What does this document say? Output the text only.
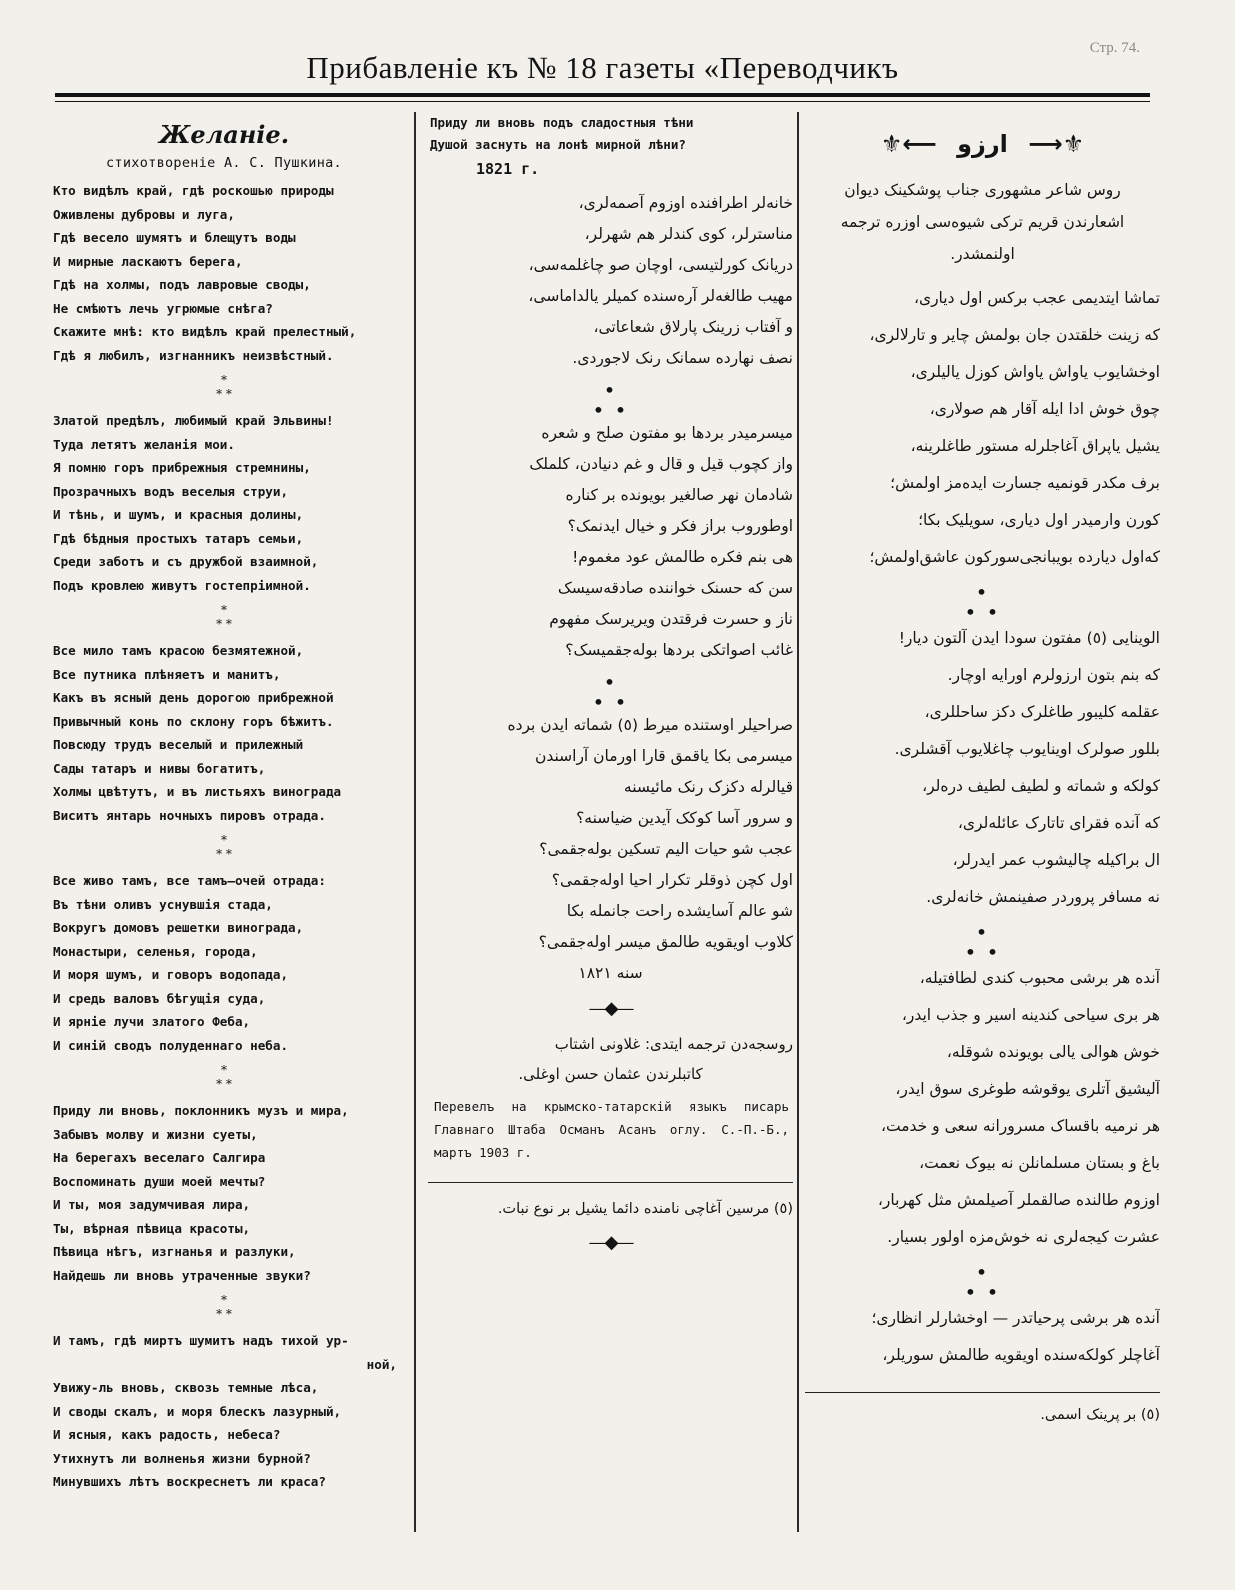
Прибавленіе къ № 18 газеты «Переводчикъ
Стр. 74.
Желаніе.
стихотвореніе А. С. Пушкина.
Кто видѣлъ край, гдѣ роскошью природы
Оживлены дубровы и луга,
Гдѣ весело шумятъ и блещутъ воды
И мирные ласкаютъ берега,
Гдѣ на холмы, подъ лавровые своды,
Не смѣютъ лечь угрюмые снѣга?
Скажите мнѣ: кто видѣлъ край прелестный,
Гдѣ я любилъ, изгнанникъ неизвѣстный.
*
* *
Златой предѣлъ, любимый край Эльвины!
Туда летятъ желанія мои.
Я помню горъ прибрежныя стремнины,
Прозрачныхъ водъ веселыя струи,
И тѣнь, и шумъ, и красныя долины,
Гдѣ бѣдныя простыхъ татаръ семьи,
Среди заботъ и съ дружбой взаимной,
Подъ кровлею живутъ гостепріимной.
*
* *
Все мило тамъ красою безмятежной,
Все путника плѣняетъ и манитъ,
Какъ въ ясный день дорогою прибрежной
Привычный конь по склону горъ бѣжитъ.
Повсюду трудъ веселый и прилежный
Сады татаръ и нивы богатитъ,
Холмы цвѣтутъ, и въ листьяхъ винограда
Виситъ янтарь ночныхъ пировъ отрада.
*
* *
Все живо тамъ, все тамъ—очей отрада:
Въ тѣни оливъ уснувшія стада,
Вокругъ домовъ решетки винограда,
Монастыри, селенья, города,
И моря шумъ, и говоръ водопада,
И средь валовъ бѣгущія суда,
И ярніе лучи златого Феба,
И синій сводъ полуденнаго неба.
*
* *
Приду ли вновь, поклонникъ музъ и мира,
Забывъ молву и жизни суеты,
На берегахъ веселаго Салгира
Воспоминать души моей мечты?
И ты, моя задумчивая лира,
Ты, вѣрная пѣвица красоты,
Пѣвица нѣгъ, изгнанья и разлуки,
Найдешь ли вновь утраченные звуки?
*
* *
И тамъ, гдѣ миртъ шумитъ надъ тихой ур-
ной,
Увижу-ль вновь, сквозь темные лѣса,
И своды скалъ, и моря блескъ лазурный,
И ясныя, какъ радость, небеса?
Утихнутъ ли волненья жизни бурной?
Минувшихъ лѣтъ воскреснетъ ли краса?
Приду ли вновь подъ сладостныя тѣни
Душой заснуть на лонѣ мирной лѣни?
1821 г.
خانه‌لر اطرافنده اوزوم آصمه‌لری،
مناسترلر، کوی کندلر هم شهرلر،
دریانک کورلتیسی، اوچان صو چاغلمه‌سی،
مهیب طالغه‌لر آره‌سنده کمیلر یالداماسی،
و آفتاب زرینک پارلاق شعاعاتی،
نصف نهارده سمانک رنک لاجوردی.
•
• •
میسرمیدر بردها بو مفتون صلح و شعره
واز کچوب قیل و قال و غم دنیادن، کلملک
شادمان نهر صالغیر بویونده بر کناره
اوطوروب براز فکر و خیال ایدنمک؟
هی بنم فکره طالمش عود مغموم!
سن که حسنک خواننده صادقه‌سیسک
ناز و حسرت فرقتدن ویریرسک مفهوم
غائب اصواتکی بردها بوله‌جقمیسک؟
•
• •
صراحیلر اوستنده میرط (٥) شماته ایدن برده
میسرمی بکا یاقمق قارا اورمان آراسندن
قیالرله دکزک رنک مائیسنه
و سرور آسا کوکک آیدین ضیاسنه؟
عجب شو حیات الیم تسکین بوله‌جقمی؟
اول کچن ذوقلر تکرار احیا اوله‌جقمی؟
شو عالم آسایشده راحت جانمله بکا
کلاوب اویقویه طالمق میسر اوله‌جقمی؟
سنه ١٨٢١
—◆—
روسجه‌دن ترجمه ایتدی: غلاونی اشتاب
کاتبلرندن عثمان حسن اوغلی.
Перевелъ на крымско-татарскій языкъ писарь Главнаго Штаба Османъ Асанъ оглу. С.-П.-Б., мартъ 1903 г.
(٥) مرسین آغاچی نامنده دائما یشیل بر نوع نبات.
—◆—
⚜⟵ ارزو ⟶⚜
روس شاعر مشهوری جناب پوشکینک دیوان
اشعارندن قریم ترکی شیوه‌سی اوزره ترجمه
اولنمشدر.
تماشا ایتدیمی عجب برکس اول دیاری،
که زینت خلقتدن جان بولمش چایر و تارلالری،
اوخشایوب یاواش یاواش کوزل یالیلری،
چوق خوش ادا ایله آقار هم صولاری،
یشیل یاپراق آغاجلرله مستور طاغلرینه،
برف مکدر قونمیه جسارت ایده‌مز اولمش؛
کورن وارمیدر اول دیاری، سویلیک بکا؛
که‌اول دیارده بویبانجی‌سورکون عاشق‌اولمش؛
•
• •
الوینایی (٥) مفتون سودا ایدن آلتون دیار!
که بنم بتون ارزولرم اورایه اوچار.
عقلمه کلیبور طاغلرک دکز ساحللری،
بللور صولرک اوینایوب چاغلایوب آقشلری.
کولکه و شماته و لطیف لطیف دره‌لر،
که آنده فقرای تاتارک عائله‌لری،
ال براکیله چالیشوب عمر ایدرلر،
نه مسافر پروردر صفینمش خانه‌لری.
•
• •
آنده هر برشی محبوب کندی لطافتیله،
هر بری سیاحی کندینه اسیر و جذب ایدر،
خوش هوالی یالی بویونده شوقله،
آلیشیق آتلری یوقوشه طوغری سوق ایدر،
هر نرمیه باقسا‌ک مسرورانه سعی و خدمت،
باغ و بستان مسلمانلن نه بیوک نعمت،
اوزوم طالنده صالقملر آصیلمش مثل کهربار،
عشرت کیجه‌لری نه خوش‌مزه اولور بسیار.
•
• •
آنده هر برشی پرحیاتدر — اوخشارلر انظاری؛
آغاچلر کولکه‌سنده اویقویه طالمش سوریلر،
(٥) بر پرینک اسمی.
